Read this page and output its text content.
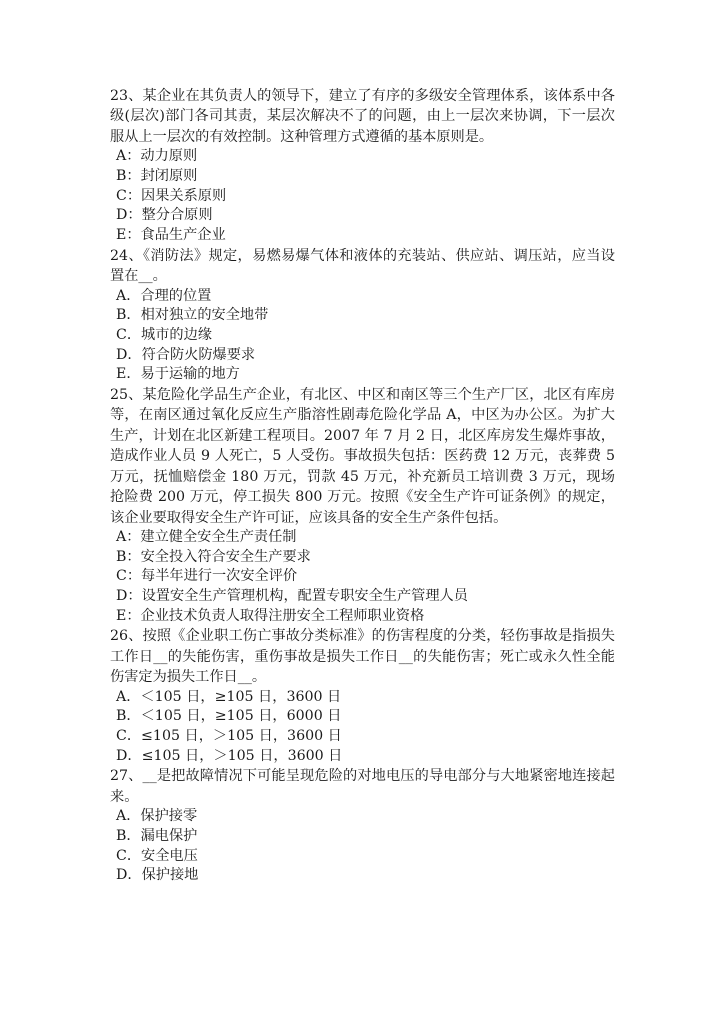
23、某企业在其负责人的领导下，建立了有序的多级安全管理体系，该体系中各级(层次)部门各司其责，某层次解决不了的问题，由上一层次来协调，下一层次服从上一层次的有效控制。这种管理方式遵循的基本原则是。

A：动力原则
B：封闭原则
C：因果关系原则
D：整分合原则
E：食品生产企业

24、《消防法》规定，易燃易爆气体和液体的充装站、供应站、调压站，应当设置在__。

A．合理的位置
B．相对独立的安全地带
C．城市的边缘
D．符合防火防爆要求
E．易于运输的地方

25、某危险化学品生产企业，有北区、中区和南区等三个生产厂区，北区有库房等，在南区通过氧化反应生产脂溶性剧毒危险化学品 A，中区为办公区。为扩大生产，计划在北区新建工程项目。2007 年 7 月 2 日，北区库房发生爆炸事故，造成作业人员 9 人死亡，5 人受伤。事故损失包括：医药费 12 万元，丧葬费 5 万元，抚恤赔偿金 180 万元，罚款 45 万元，补充新员工培训费 3 万元，现场抢险费 200 万元，停工损失 800 万元。按照《安全生产许可证条例》的规定，该企业要取得安全生产许可证，应该具备的安全生产条件包括。

A：建立健全安全生产责任制
B：安全投入符合安全生产要求
C：每半年进行一次安全评价
D：设置安全生产管理机构，配置专职安全生产管理人员
E：企业技术负责人取得注册安全工程师职业资格

26、按照《企业职工伤亡事故分类标准》的伤害程度的分类，轻伤事故是指损失工作日__的失能伤害，重伤事故是损失工作日__的失能伤害；死亡或永久性全能伤害定为损失工作日__。

A．＜105 日，≥105 日，3600 日
B．＜105 日，≥105 日，6000 日
C．≤105 日，＞105 日，3600 日
D．≤105 日，＞105 日，3600 日

27、__是把故障情况下可能呈现危险的对地电压的导电部分与大地紧密地连接起来。

A．保护接零
B．漏电保护
C．安全电压
D．保护接地
